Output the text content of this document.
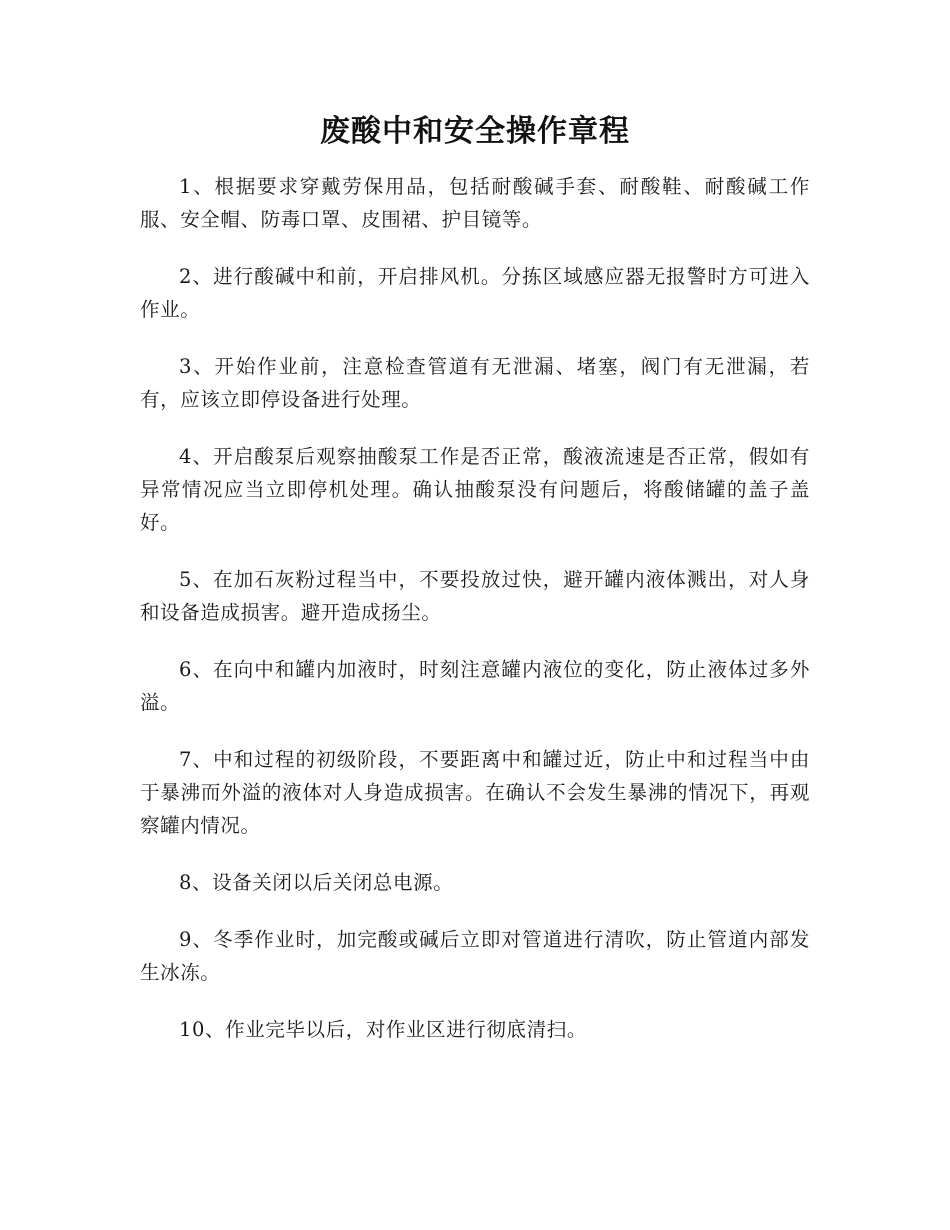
废酸中和安全操作章程

1、根据要求穿戴劳保用品，包括耐酸碱手套、耐酸鞋、耐酸碱工作服、安全帽、防毒口罩、皮围裙、护目镜等。

2、进行酸碱中和前，开启排风机。分拣区域感应器无报警时方可进入作业。

3、开始作业前，注意检查管道有无泄漏、堵塞，阀门有无泄漏，若有，应该立即停设备进行处理。

4、开启酸泵后观察抽酸泵工作是否正常，酸液流速是否正常，假如有异常情况应当立即停机处理。确认抽酸泵没有问题后，将酸储罐的盖子盖好。

5、在加石灰粉过程当中，不要投放过快，避开罐内液体溅出，对人身和设备造成损害。避开造成扬尘。

6、在向中和罐内加液时，时刻注意罐内液位的变化，防止液体过多外溢。

7、中和过程的初级阶段，不要距离中和罐过近，防止中和过程当中由于暴沸而外溢的液体对人身造成损害。在确认不会发生暴沸的情况下，再观察罐内情况。

8、设备关闭以后关闭总电源。

9、冬季作业时，加完酸或碱后立即对管道进行清吹，防止管道内部发生冰冻。

10、作业完毕以后，对作业区进行彻底清扫。
